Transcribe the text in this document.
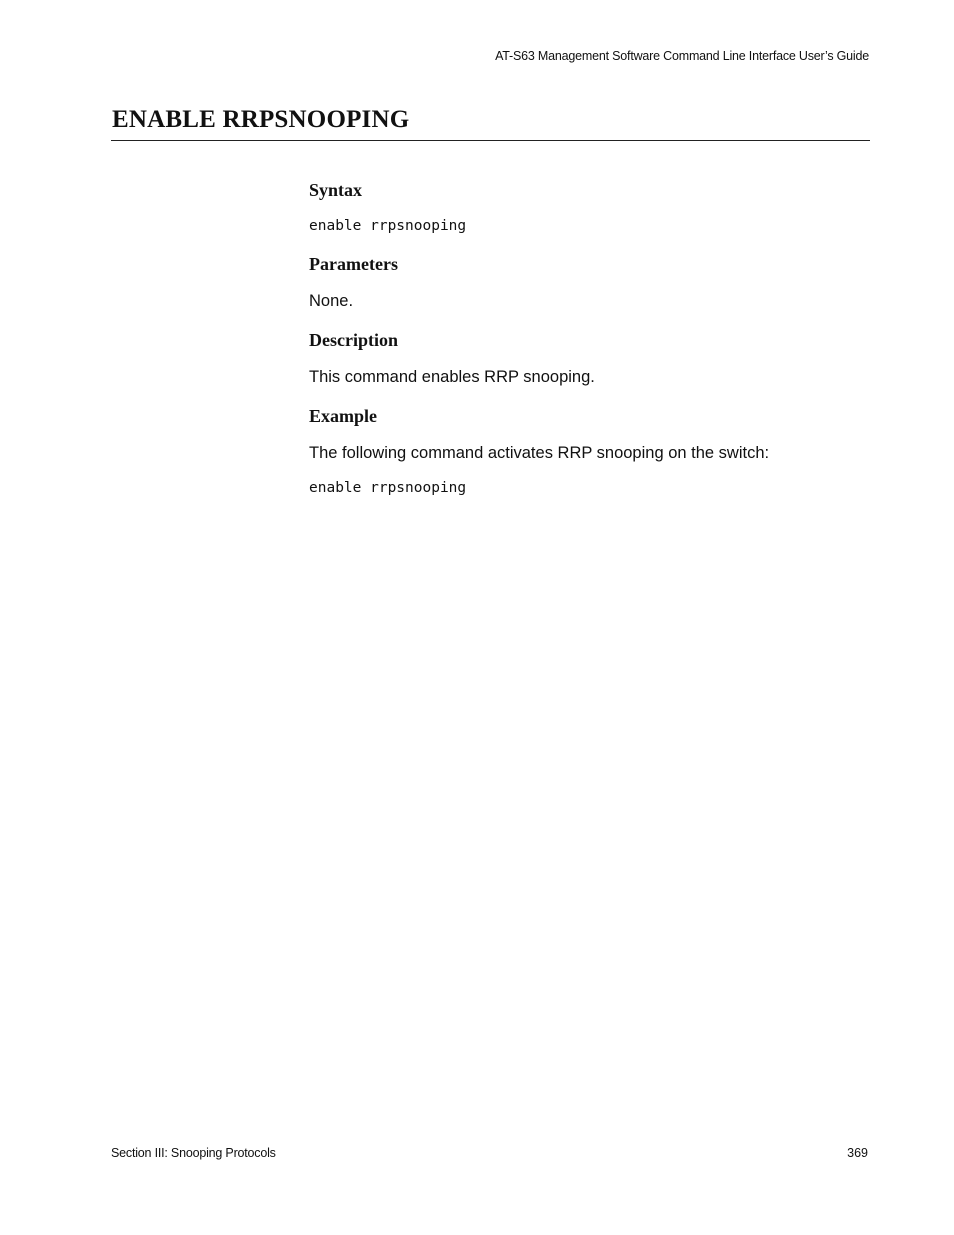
AT-S63 Management Software Command Line Interface User’s Guide
ENABLE RRPSNOOPING
Syntax
enable rrpsnooping
Parameters

None.

Description

This command enables RRP snooping.

Example

The following command activates RRP snooping on the switch:

enable rrpsnooping
Section III: Snooping Protocols	369
